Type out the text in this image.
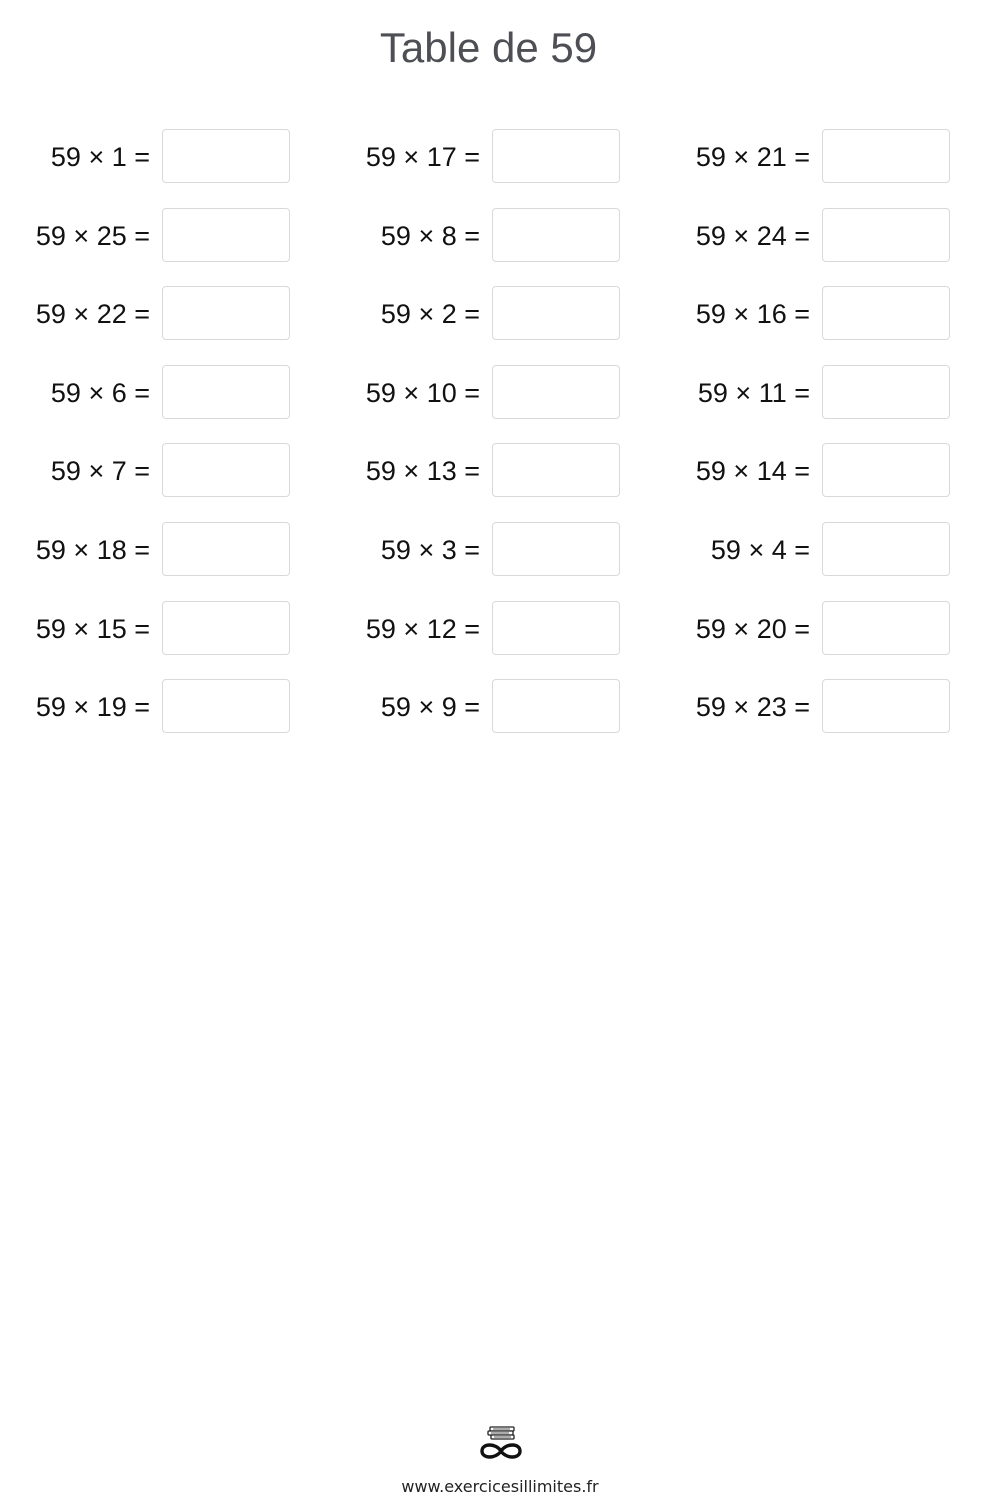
Table de 59
59 × 1 =	59 × 17 =	59 × 21 =
59 × 25 =	59 × 8 =	59 × 24 =
59 × 22 =	59 × 2 =	59 × 16 =
59 × 6 =	59 × 10 =	59 × 11 =
59 × 7 =	59 × 13 =	59 × 14 =
59 × 18 =	59 × 3 =	59 × 4 =
59 × 15 =	59 × 12 =	59 × 20 =
59 × 19 =	59 × 9 =	59 × 23 =
www.exercicesillimites.fr
